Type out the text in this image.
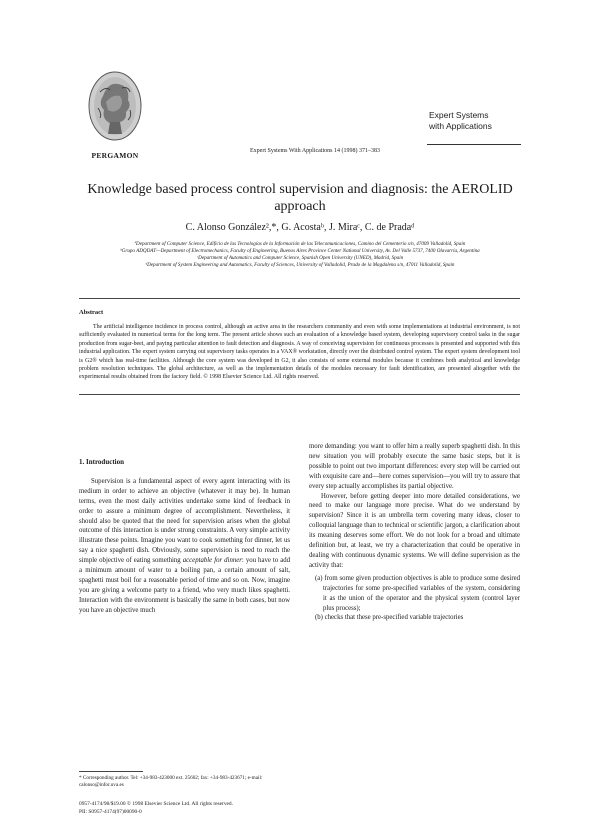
PERGAMON
Expert Systems
with Applications
Expert Systems With Applications 14 (1998) 371–383
Knowledge based process control supervision and diagnosis: the AEROLID approach
C. Alonso González²,*, G. Acostaᵇ, J. Miraᶜ, C. de Pradaᵈ
ªDepartment of Computer Science, Edificio de las Tecnologías de la Información de las Telecomunicaciones, Camino del Cementerio s/n, 47009 Valladolid, Spain
ᵇGrupo ADQDAT—Department of Electromechanics, Faculty of Engineering, Buenos Aires Province Center National University, Av. Del Valle 5737, 7400 Olavarría, Argentina
ᶜDepartment of Automatics and Computer Science, Spanish Open University (UNED), Madrid, Spain
ᵈDepartment of System Engineering and Automatics, Faculty of Sciences, University of Valladolid, Prado de la Magdalena s/n, 47011 Valladolid, Spain
Abstract
The artificial intelligence incidence in process control, although an active area in the researchers community and even with some implementations at industrial environment, is not sufficiently evaluated in numerical terms for the long term. The present article shows such an evaluation of a knowledge based system, developing supervisory control tasks in the sugar production from sugar-beet, and paying particular attention to fault detection and diagnosis. A way of conceiving supervision for continuous processes is presented and supported with this industrial application. The expert system carrying out supervisory tasks operates in a VAX® workstation, directly over the distributed control system. The expert system development tool is G2® which has real-time facilities. Although the core system was developed in G2, it also consists of some external modules because it combines both analytical and knowledge problem resolution techniques. The global architecture, as well as the implementation details of the modules necessary for fault identification, are presented altogether with the experimental results obtained from the factory field. © 1998 Elsevier Science Ltd. All rights reserved.

1. Introduction

Supervision is a fundamental aspect of every agent interacting with its medium in order to achieve an objective (whatever it may be). In human terms, even the most daily activities undertake some kind of feedback in order to assure a minimum degree of accomplishment. Nevertheless, it should also be quoted that the need for supervision arises when the global outcome of this interaction is under strong constraints. A very simple activity illustrate these points. Imagine you want to cook something for dinner, let us say a nice spaghetti dish. Obviously, some supervision is need to reach the simple objective of eating something acceptable for dinner: you have to add a minimum amount of water to a boiling pan, a certain amount of salt, spaghetti must boil for a reasonable period of time and so on. Now, imagine you are giving a welcome party to a friend, who very much likes spaghetti. Interaction with the environment is basically the same in both cases, but now you have an objective much

more demanding: you want to offer him a really superb spaghetti dish. In this new situation you will probably execute the same basic steps, but it is possible to point out two important differences: every step will be carried out with exquisite care and—here comes supervision—you will try to assure that every step actually accomplishes its partial objective.

However, before getting deeper into more detailed considerations, we need to make our language more precise. What do we understand by supervision? Since it is an umbrella term covering many ideas, closer to colloquial language than to technical or scientific jargon, a clarification about its meaning deserves some effort. We do not look for a broad and ultimate definition but, at least, we try a characterization that could be operative in dealing with continuous dynamic systems. We will define supervision as the activity that:

(a) from some given production objectives is able to produce some desired trajectories for some pre-specified variables of the system, considering it as the union of the operator and the physical system (control layer plus process);

(b) checks that these pre-specified variable trajectories

* Corresponding author. Tel: +34-983-423000 ext. 25602; fax: +34-983-423671; e-mail: calonso@infor.uva.es
0957-4174/98/$19.00 © 1998 Elsevier Science Ltd. All rights reserved.
PII: S0957-4174(97)00090-0
